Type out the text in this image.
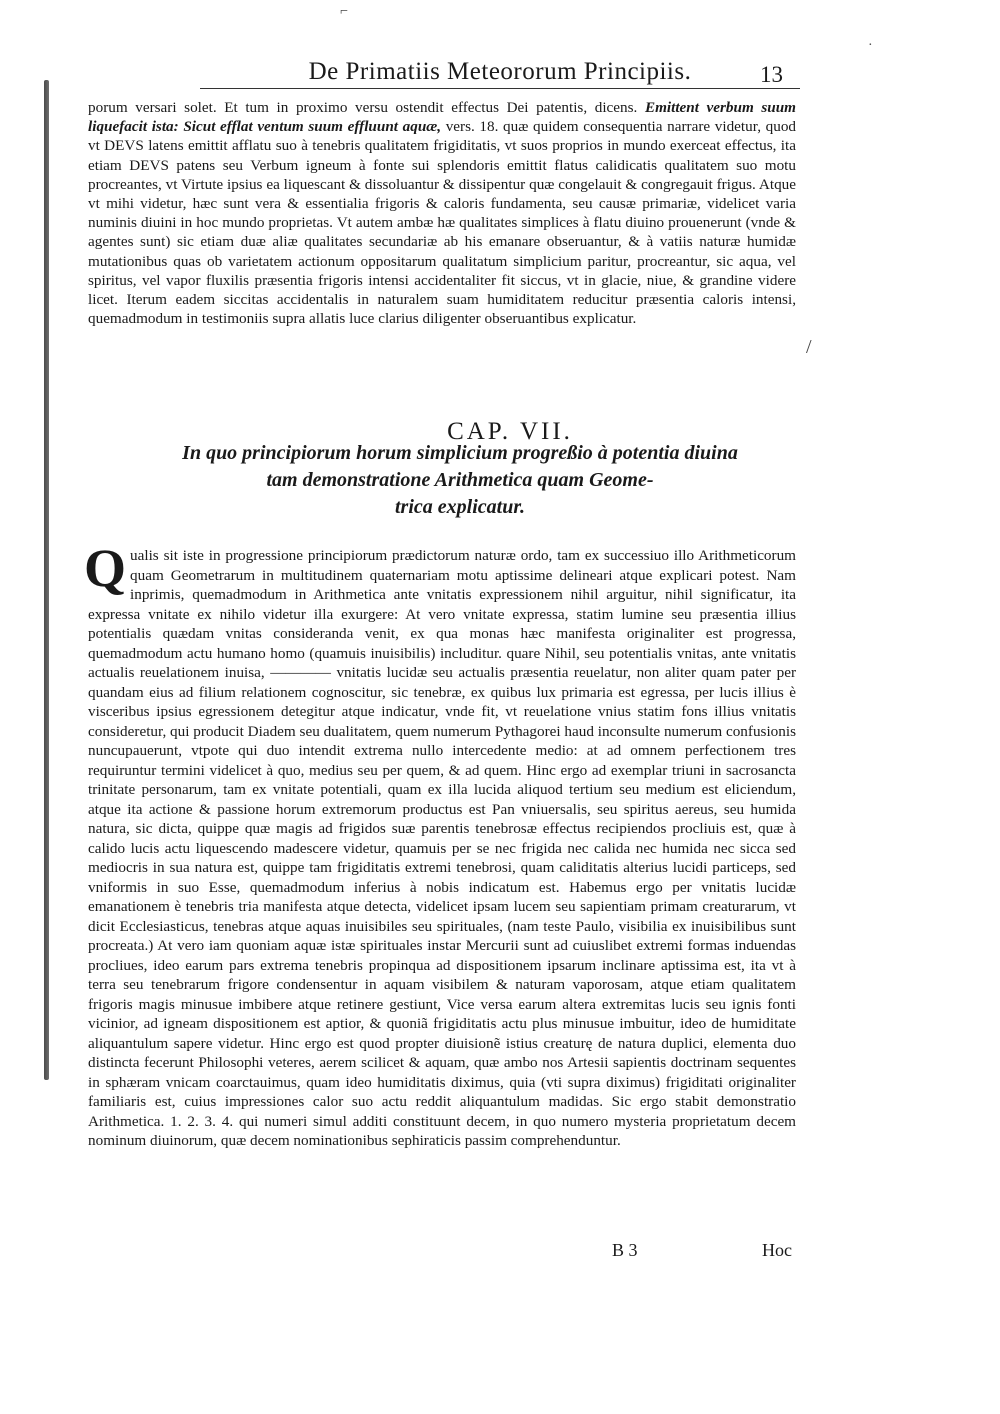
⌐
·
/
De Primatiis Meteororum Principiis.	13
porum versari solet. Et tum in proximo versu ostendit effectus Dei patentis, dicens. Emittent verbum suum liquefacit ista: Sicut efflat ventum suum effluunt aquæ, vers. 18. quæ quidem consequentia narrare videtur, quod vt DEVS latens emittit afflatu suo à tenebris qualitatem frigiditatis, vt suos proprios in mundo exerceat effectus, ita etiam DEVS patens seu Verbum igneum à fonte sui splendoris emittit flatus calidicatis qualitatem suo motu procreantes, vt Virtute ipsius ea liquescant & dissoluantur & dissipentur quæ congelauit & congregauit frigus. Atque vt mihi videtur, hæc sunt vera & essentialia frigoris & caloris fundamenta, seu causæ primariæ, videlicet varia numinis diuini in hoc mundo proprietas. Vt autem ambæ hæ qualitates simplices à flatu diuino prouenerunt (vnde & agentes sunt) sic etiam duæ aliæ qualitates secundariæ ab his emanare obseruantur, & à vatiis naturæ humidæ mutationibus quas ob varietatem actionum oppositarum qualitatum simplicium paritur, procreantur, sic aqua, vel spiritus, vel vapor fluxilis præsentia frigoris intensi accidentaliter fit siccus, vt in glacie, niue, & grandine videre licet. Iterum eadem siccitas accidentalis in naturalem suam humiditatem reducitur præsentia caloris intensi, quemadmodum in testimoniis supra allatis luce clarius diligenter obseruantibus explicatur.
CAP. VII.
In quo principiorum horum simplicium progreßio à potentia diuina
tam demonstratione Arithmetica quam Geome-
trica explicatur.
Q ualis sit iste in progressione principiorum prædictorum naturæ ordo, tam ex successiuo illo Arithmeticorum quam Geometrarum in multitudinem quaternariam motu aptissime delineari atque explicari potest. Nam inprimis, quemadmodum in Arithmetica ante vnitatis expressionem nihil arguitur, nihil significatur, ita expressa vnitate ex nihilo videtur illa exurgere: At vero vnitate expressa, statim lumine seu præsentia illius potentialis quædam vnitas consideranda venit, ex qua monas hæc manifesta originaliter est progressa, quemadmodum actu humano homo (quamuis inuisibilis) includitur. quare Nihil, seu potentialis vnitas, ante vnitatis actualis reuelationem inuisa, ———— vnitatis lucidæ seu actualis præsentia reuelatur, non aliter quam pater per quandam eius ad filium relationem cognoscitur, sic tenebræ, ex quibus lux primaria est egressa, per lucis illius è visceribus ipsius egressionem detegitur atque indicatur, vnde fit, vt reuelatione vnius statim fons illius vnitatis consideretur, qui producit Diadem seu dualitatem, quem numerum Pythagorei haud inconsulte numerum confusionis nuncupauerunt, vtpote qui duo intendit extrema nullo intercedente medio: at ad omnem perfectionem tres requiruntur termini videlicet à quo, medius seu per quem, & ad quem. Hinc ergo ad exemplar triuni in sacrosancta trinitate personarum, tam ex vnitate potentiali, quam ex illa lucida aliquod tertium seu medium est eliciendum, atque ita actione & passione horum extremorum productus est Pan vniuersalis, seu spiritus aereus, seu humida natura, sic dicta, quippe quæ magis ad frigidos suæ parentis tenebrosæ effectus recipiendos procliuis est, quæ à calido lucis actu liquescendo madescere videtur, quamuis per se nec frigida nec calida nec humida nec sicca sed mediocris in sua natura est, quippe tam frigiditatis extremi tenebrosi, quam caliditatis alterius lucidi particeps, sed vniformis in suo Esse, quemadmodum inferius à nobis indicatum est. Habemus ergo per vnitatis lucidæ emanationem è tenebris tria manifesta atque detecta, videlicet ipsam lucem seu sapientiam primam creaturarum, vt dicit Ecclesiasticus, tenebras atque aquas inuisibiles seu spirituales, (nam teste Paulo, visibilia ex inuisibilibus sunt procreata.) At vero iam quoniam aquæ istæ spirituales instar Mercurii sunt ad cuiuslibet extremi formas induendas procliues, ideo earum pars extrema tenebris propinqua ad dispositionem ipsarum inclinare aptissima est, ita vt à terra seu tenebrarum frigore condensentur in aquam visibilem & naturam vaporosam, atque etiam qualitatem frigoris magis minusue imbibere atque retinere gestiunt, Vice versa earum altera extremitas lucis seu ignis fonti vicinior, ad igneam dispositionem est aptior, & quoniã frigiditatis actu plus minusue imbuitur, ideo de humiditate aliquantulum sapere videtur. Hinc ergo est quod propter diuisionẽ istius creaturę de natura duplici, elementa duo distincta fecerunt Philosophi veteres, aerem scilicet & aquam, quæ ambo nos Artesii sapientis doctrinam sequentes in sphæram vnicam coarctauimus, quam ideo humiditatis diximus, quia (vti supra diximus) frigiditati originaliter familiaris est, cuius impressiones calor suo actu reddit aliquantulum madidas. Sic ergo stabit demonstratio Arithmetica. 1. 2. 3. 4. qui numeri simul additi constituunt decem, in quo numero mysteria proprietatum decem nominum diuinorum, quæ decem nominationibus sephiraticis passim comprehenduntur.
B 3	Hoc
